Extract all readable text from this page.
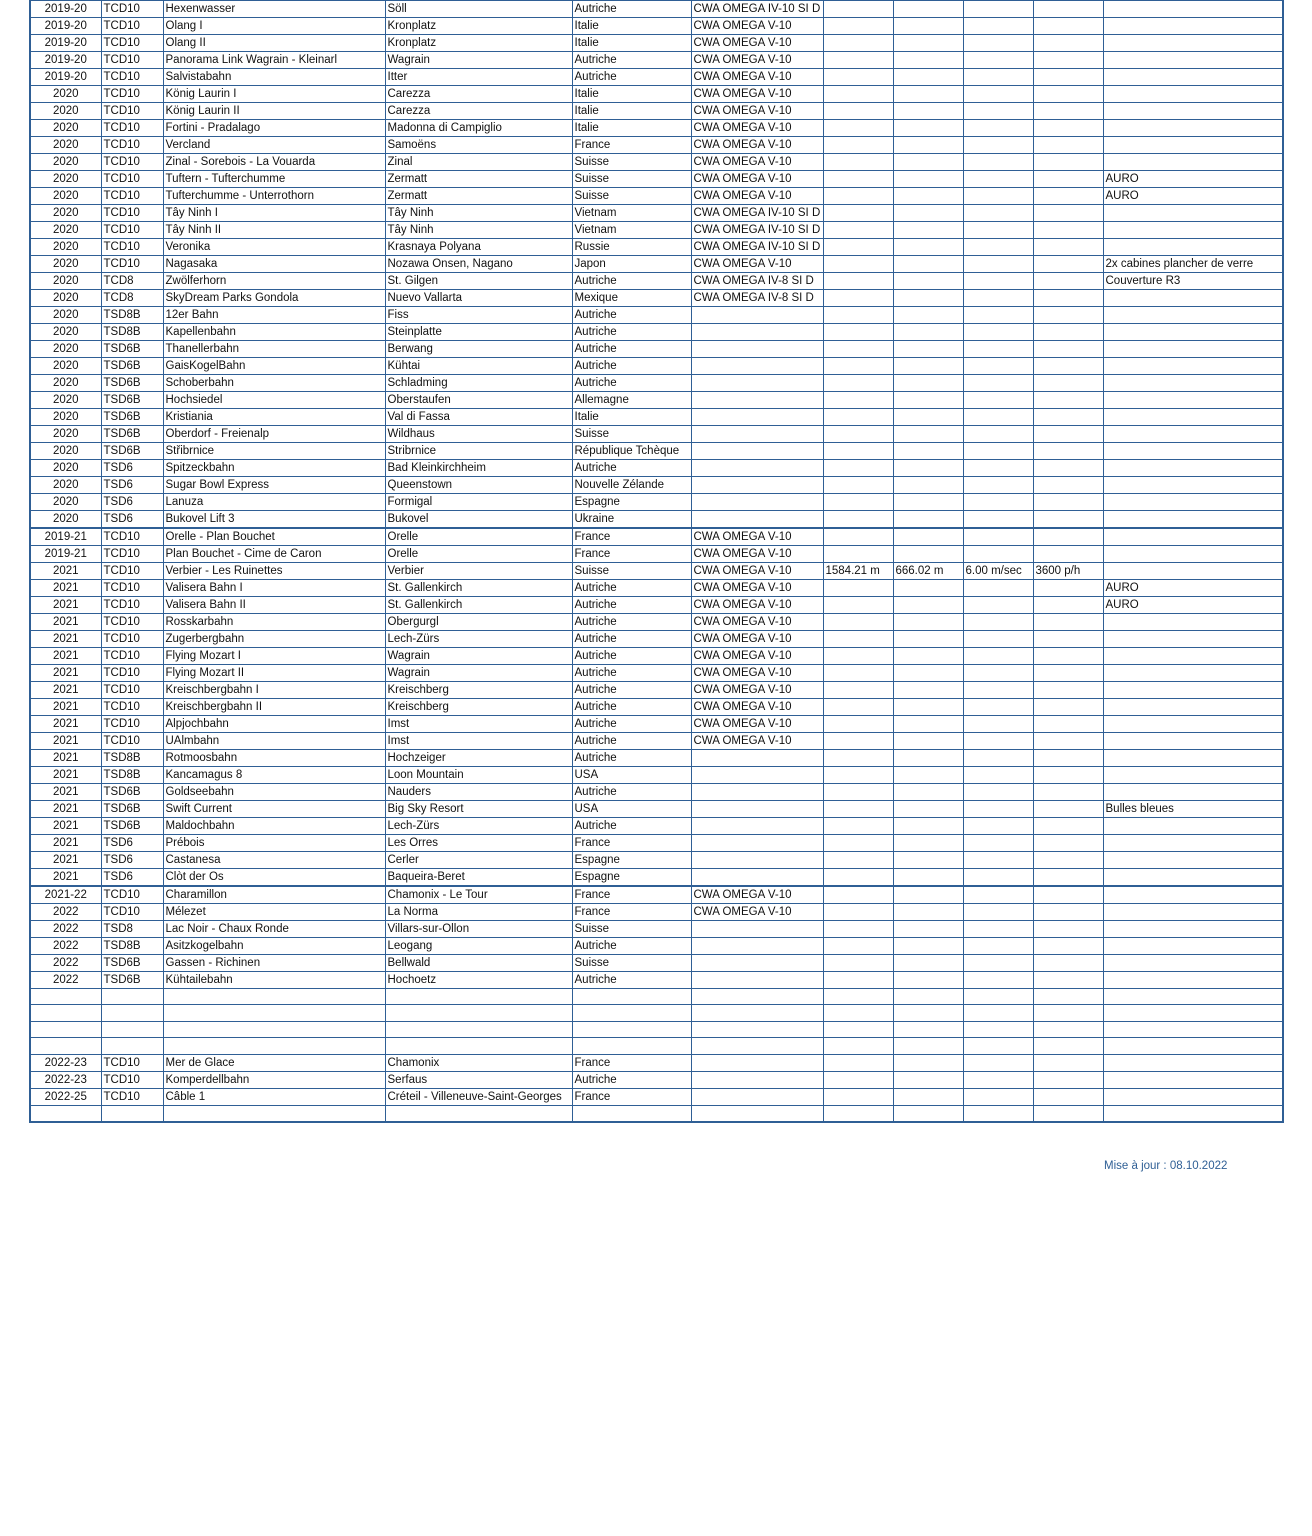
2019-20	TCD10	Hexenwasser	Söll	Autriche	CWA OMEGA IV-10 SI D					
2019-20	TCD10	Olang I	Kronplatz	Italie	CWA OMEGA V-10					
2019-20	TCD10	Olang II	Kronplatz	Italie	CWA OMEGA V-10					
2019-20	TCD10	Panorama Link Wagrain - Kleinarl	Wagrain	Autriche	CWA OMEGA V-10					
2019-20	TCD10	Salvistabahn	Itter	Autriche	CWA OMEGA V-10					
2020	TCD10	König Laurin I	Carezza	Italie	CWA OMEGA V-10					
2020	TCD10	König Laurin II	Carezza	Italie	CWA OMEGA V-10					
2020	TCD10	Fortini - Pradalago	Madonna di Campiglio	Italie	CWA OMEGA V-10					
2020	TCD10	Vercland	Samoëns	France	CWA OMEGA V-10					
2020	TCD10	Zinal - Sorebois - La Vouarda	Zinal	Suisse	CWA OMEGA V-10					
2020	TCD10	Tuftern - Tufterchumme	Zermatt	Suisse	CWA OMEGA V-10					AURO
2020	TCD10	Tufterchumme - Unterrothorn	Zermatt	Suisse	CWA OMEGA V-10					AURO
2020	TCD10	Tây Ninh I	Tây Ninh	Vietnam	CWA OMEGA IV-10 SI D					
2020	TCD10	Tây Ninh II	Tây Ninh	Vietnam	CWA OMEGA IV-10 SI D					
2020	TCD10	Veronika	Krasnaya Polyana	Russie	CWA OMEGA IV-10 SI D					
2020	TCD10	Nagasaka	Nozawa Onsen, Nagano	Japon	CWA OMEGA V-10					2x cabines plancher de verre
2020	TCD8	Zwölferhorn	St. Gilgen	Autriche	CWA OMEGA IV-8 SI D					Couverture R3
2020	TCD8	SkyDream Parks Gondola	Nuevo Vallarta	Mexique	CWA OMEGA IV-8 SI D					
2020	TSD8B	12er Bahn	Fiss	Autriche						
2020	TSD8B	Kapellenbahn	Steinplatte	Autriche						
2020	TSD6B	Thanellerbahn	Berwang	Autriche						
2020	TSD6B	GaisKogelBahn	Kühtai	Autriche						
2020	TSD6B	Schoberbahn	Schladming	Autriche						
2020	TSD6B	Hochsiedel	Oberstaufen	Allemagne						
2020	TSD6B	Kristiania	Val di Fassa	Italie						
2020	TSD6B	Oberdorf - Freienalp	Wildhaus	Suisse						
2020	TSD6B	Střibrnice	Stribrnice	République Tchèque						
2020	TSD6	Spitzeckbahn	Bad Kleinkirchheim	Autriche						
2020	TSD6	Sugar Bowl Express	Queenstown	Nouvelle Zélande						
2020	TSD6	Lanuza	Formigal	Espagne						
2020	TSD6	Bukovel Lift 3	Bukovel	Ukraine						
2019-21	TCD10	Orelle - Plan Bouchet	Orelle	France	CWA OMEGA V-10					
2019-21	TCD10	Plan Bouchet - Cime de Caron	Orelle	France	CWA OMEGA V-10					
2021	TCD10	Verbier - Les Ruinettes	Verbier	Suisse	CWA OMEGA V-10	1584.21 m	666.02 m	6.00 m/sec	3600 p/h	
2021	TCD10	Valisera Bahn I	St. Gallenkirch	Autriche	CWA OMEGA V-10					AURO
2021	TCD10	Valisera Bahn II	St. Gallenkirch	Autriche	CWA OMEGA V-10					AURO
2021	TCD10	Rosskarbahn	Obergurgl	Autriche	CWA OMEGA V-10					
2021	TCD10	Zugerbergbahn	Lech-Zürs	Autriche	CWA OMEGA V-10					
2021	TCD10	Flying Mozart I	Wagrain	Autriche	CWA OMEGA V-10					
2021	TCD10	Flying Mozart II	Wagrain	Autriche	CWA OMEGA V-10					
2021	TCD10	Kreischbergbahn I	Kreischberg	Autriche	CWA OMEGA V-10					
2021	TCD10	Kreischbergbahn II	Kreischberg	Autriche	CWA OMEGA V-10					
2021	TCD10	Alpjochbahn	Imst	Autriche	CWA OMEGA V-10					
2021	TCD10	UAlmbahn	Imst	Autriche	CWA OMEGA V-10					
2021	TSD8B	Rotmoosbahn	Hochzeiger	Autriche						
2021	TSD8B	Kancamagus 8	Loon Mountain	USA						
2021	TSD6B	Goldseebahn	Nauders	Autriche						
2021	TSD6B	Swift Current	Big Sky Resort	USA						Bulles bleues
2021	TSD6B	Maldochbahn	Lech-Zürs	Autriche						
2021	TSD6	Prébois	Les Orres	France						
2021	TSD6	Castanesa	Cerler	Espagne						
2021	TSD6	Clòt der Os	Baqueira-Beret	Espagne						
2021-22	TCD10	Charamillon	Chamonix - Le Tour	France	CWA OMEGA V-10					
2022	TCD10	Mélezet	La Norma	France	CWA OMEGA V-10					
2022	TSD8	Lac Noir - Chaux Ronde	Villars-sur-Ollon	Suisse						
2022	TSD8B	Asitzkogelbahn	Leogang	Autriche						
2022	TSD6B	Gassen - Richinen	Bellwald	Suisse						
2022	TSD6B	Kühtailebahn	Hochoetz	Autriche						

2022-23	TCD10	Mer de Glace	Chamonix	France						
2022-23	TCD10	Komperdellbahn	Serfaus	Autriche						
2022-25	TCD10	Câble 1	Créteil - Villeneuve-Saint-Georges	France						

Mise à jour : 08.10.2022
